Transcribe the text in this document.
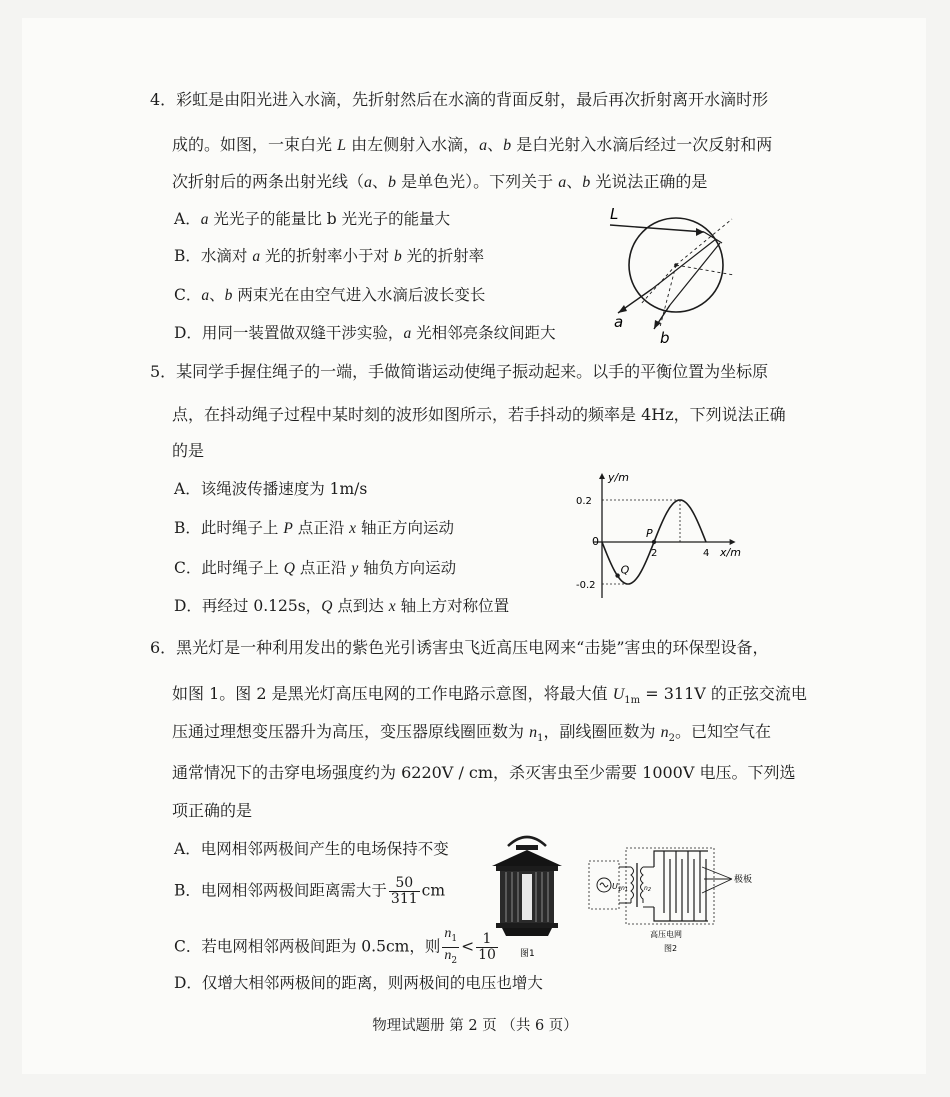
4．彩虹是由阳光进入水滴，先折射然后在水滴的背面反射，最后再次折射离开水滴时形
成的。如图，一束白光 L 由左侧射入水滴，a、b 是白光射入水滴后经过一次反射和两
次折射后的两条出射光线（a、b 是单色光）。下列关于 a、b 光说法正确的是
A．a 光光子的能量比 b 光光子的能量大
B．水滴对 a 光的折射率小于对 b 光的折射率
C．a、b 两束光在由空气进入水滴后波长变长
D．用同一装置做双缝干涉实验，a 光相邻亮条纹间距大
L
a
b
5．某同学手握住绳子的一端，手做简谐运动使绳子振动起来。以手的平衡位置为坐标原
点，在抖动绳子过程中某时刻的波形如图所示，若手抖动的频率是 4Hz，下列说法正确
的是
A．该绳波传播速度为 1m/s
B．此时绳子上 P 点正沿 x 轴正方向运动
C．此时绳子上 Q 点正沿 y 轴负方向运动
D．再经过 0.125s，Q 点到达 x 轴上方对称位置
y/m
x/m
0
0.2
-0.2
2	4
P
Q
6．黑光灯是一种利用发出的紫色光引诱害虫飞近高压电网来“击毙”害虫的环保型设备，
如图 1。图 2 是黑光灯高压电网的工作电路示意图，将最大值 $U_{1m} = 311V$ 的正弦交流电
压通过理想变压器升为高压，变压器原线圈匝数为 $n_1$，副线圈匝数为 $n_2$。已知空气在
通常情况下的击穿电场强度约为 6220V / cm，杀灭害虫至少需要 1000V 电压。下列选
项正确的是
A．电网相邻两极间产生的电场保持不变
B．电网相邻两极间距离需大于 $\frac{50}{311}$ cm
C．若电网相邻两极间距为 0.5cm，则 $\frac{n_1}{n_2} < \frac{1}{10}$
D．仅增大相邻两极间的距离，则两极间的电压也增大
图1
$U_1$ n1	n2
极板
高压电网
图2
物理试题册 第 2 页 （共 6 页）
